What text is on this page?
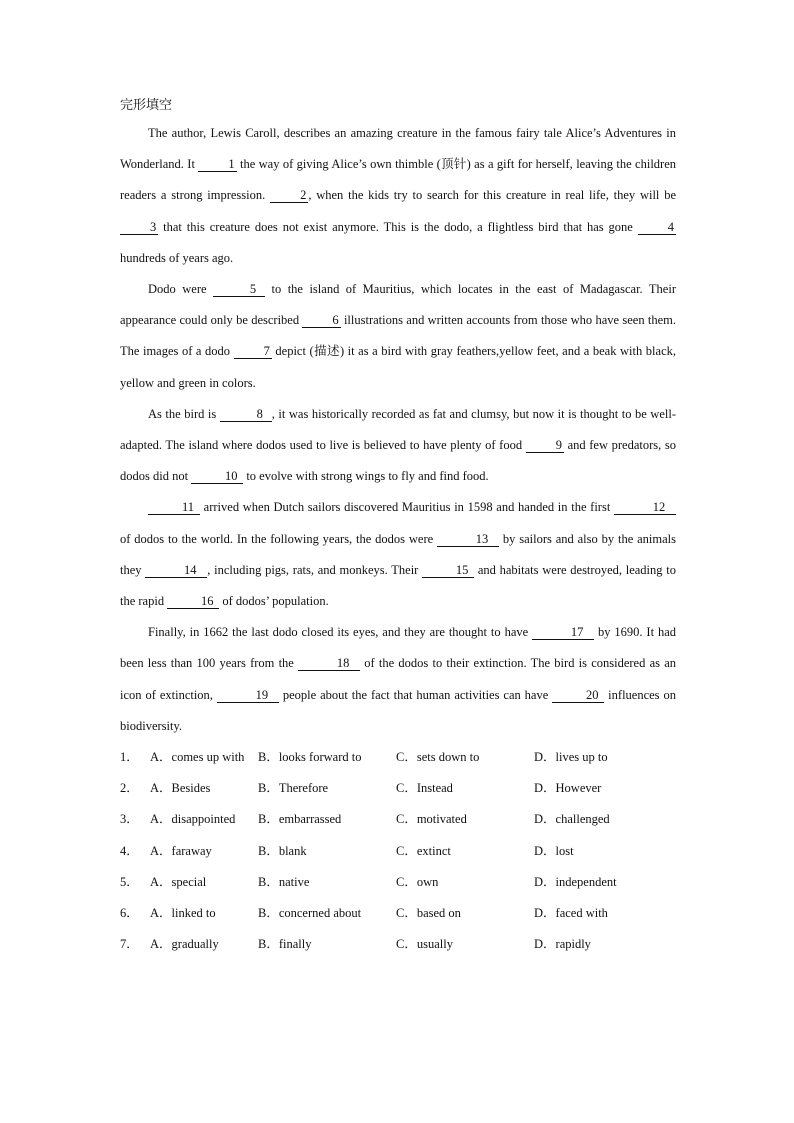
完形填空

The author, Lewis Caroll, describes an amazing creature in the famous fairy tale Alice’s Adventures in Wonderland. It 1 the way of giving Alice’s own thimble (顶针) as a gift for herself, leaving the children readers a strong impression. 2 , when the kids try to search for this creature in real life, they will be 3 that this creature does not exist anymore. This is the dodo, a flightless bird that has gone 4 hundreds of years ago.

Dodo were	5 to the island of Mauritius, which locates in the east of Madagascar. Their appearance could only be described 6 illustrations and written accounts from those who have seen them. The images of a dodo 7 depict (描述) it as a bird with gray feathers,yellow feet, and a beak with black, yellow and green in colors.

As the bird is	8 , it was historically recorded as fat and clumsy, but now it is thought to be well-adapted. The island where dodos used to live is believed to have plenty of food 9 and few predators, so dodos did not	10 to evolve with strong wings to fly and find food.

11 arrived when Dutch sailors discovered Mauritius in 1598 and handed in the first	12 of dodos to the world. In the following years, the dodos were	13 by sailors and also by the animals they	14 , including pigs, rats, and monkeys. Their	15 and habitats were destroyed, leading to the rapid	16 of dodos’ population.

Finally, in 1662 the last dodo closed its eyes, and they are thought to have	17 by 1690. It had been less than 100 years from the	18 of the dodos to their extinction. The bird is considered as an icon of extinction,	19 people about the fact that human activities can have	20 influences on biodiversity.

1． A．comes up with	B．looks forward to	C．sets down to	D．lives up to
2． A．Besides	B．Therefore	C．Instead	D．However
3． A．disappointed	B．embarrassed	C．motivated	D．challenged
4． A．faraway	B．blank	C．extinct	D．lost
5． A．special	B．native	C．own	D．independent
6． A．linked to	B．concerned about	C．based on	D．faced with
7． A．gradually	B．finally	C．usually	D．rapidly
